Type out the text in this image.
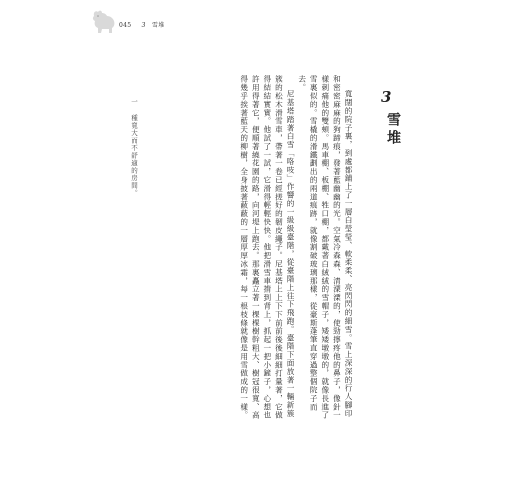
045 3 雪堆
3
雪堆

寬闊的院子裏，到處都鋪上了一層白瑩瑩、軟柔柔、亮閃閃的細雪。雪上深深的行人腳印和密密麻麻的狗蹄痕，發著藍幽幽的光。空氣冷森森、清溧溧的，使勁擰疼他的鼻子，像針一樣刺痛他的雙頰。馬車棚、板棚、牲口棚，都戴著白絨絨的雪帽子，矮矮墩墩的，就像長進了雪裏似的。雪橇的滑鐵劃出的兩道痕跡，就像割破玻璃那樣，從豪斯蓬筆直穿過整個院子而去。

尼基塔踏著白雪「咯吱」作響的一級級臺階，從臺階上往下飛跑。臺階下面放著一輛新簇簇的松木滑雪車，帶著一卷已經搓好的韌皮繩子。尼基塔上上下下前前後後細細打量著，它做得結結實實。他試了一試，它滑得輕輕快快。他把滑雪車揹到背上，抓起一把小鏟子，心想也許用得著它，便順著繞花園的路，向河堤上跑去。那裏矗立著一棵棵樹幹粗大、樹冠很寬、高得幾乎挨著藍天的柳樹，全身披著蔽蔽的一層厚厚冰霜，每一根枝條就像是用雪做成的一樣。

一 種寬大而不舒適的房間。
